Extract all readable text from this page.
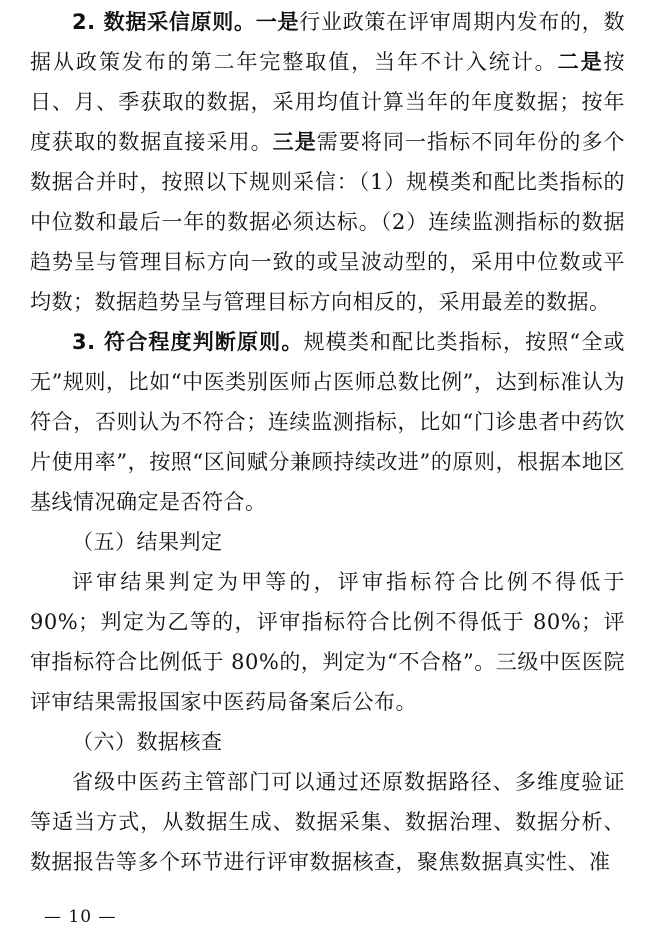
2. 数据采信原则。一是行业政策在评审周期内发布的，数据从政策发布的第二年完整取值，当年不计入统计。二是按日、月、季获取的数据，采用均值计算当年的年度数据；按年度获取的数据直接采用。三是需要将同一指标不同年份的多个数据合并时，按照以下规则采信：（1）规模类和配比类指标的中位数和最后一年的数据必须达标。（2）连续监测指标的数据趋势呈与管理目标方向一致的或呈波动型的，采用中位数或平均数；数据趋势呈与管理目标方向相反的，采用最差的数据。

3. 符合程度判断原则。规模类和配比类指标，按照“全或无”规则，比如“中医类别医师占医师总数比例”，达到标准认为符合，否则认为不符合；连续监测指标，比如“门诊患者中药饮片使用率”，按照“区间赋分兼顾持续改进”的原则，根据本地区基线情况确定是否符合。

（五）结果判定

评审结果判定为甲等的，评审指标符合比例不得低于 90%；判定为乙等的，评审指标符合比例不得低于 80%；评审指标符合比例低于 80%的，判定为“不合格”。三级中医医院评审结果需报国家中医药局备案后公布。

（六）数据核查

省级中医药主管部门可以通过还原数据路径、多维度验证等适当方式，从数据生成、数据采集、数据治理、数据分析、数据报告等多个环节进行评审数据核查，聚焦数据真实性、准

— 10 —
